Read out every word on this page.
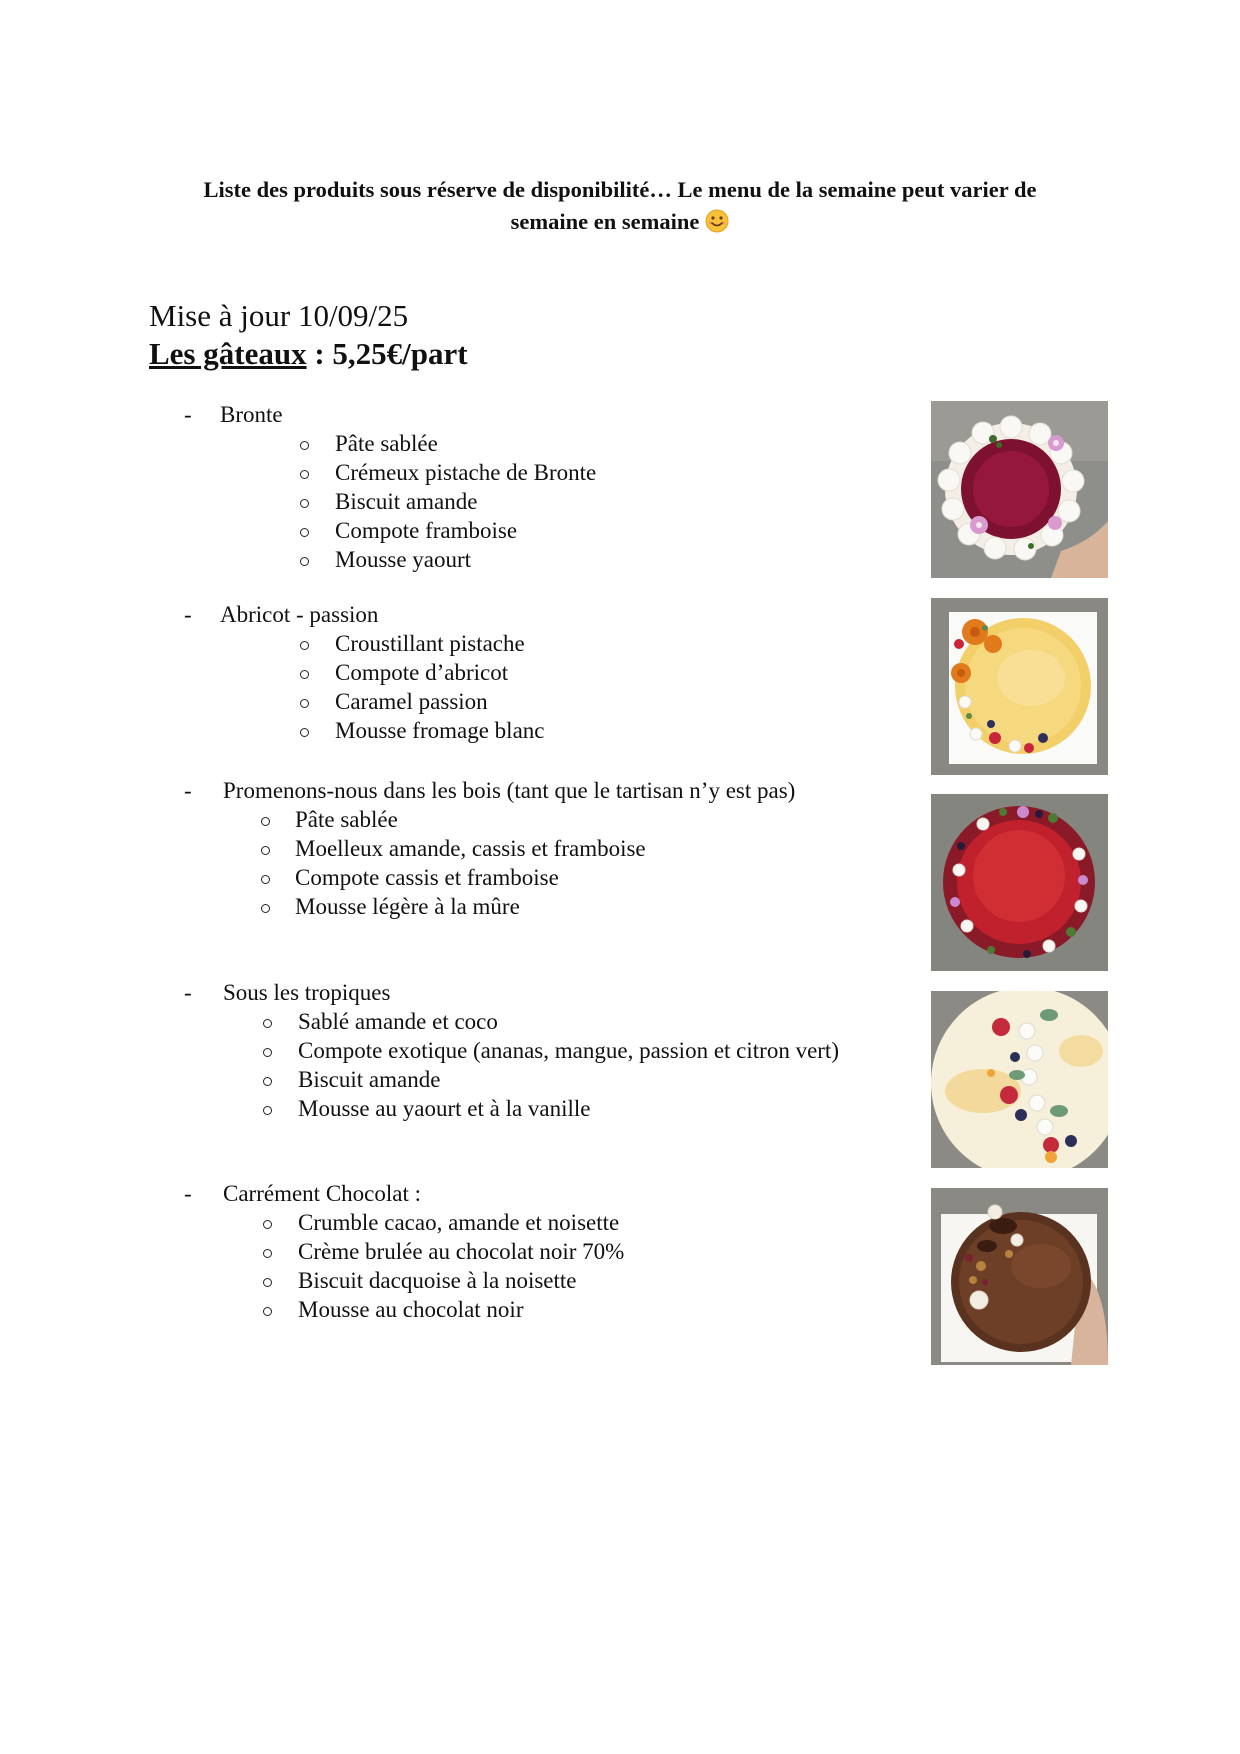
Liste des produits sous réserve de disponibilité… Le menu de la semaine peut varier de
semaine en semaine
Mise à jour 10/09/25
Les gâteaux : 5,25€/part
- Bronte
Pâte sablée
Crémeux pistache de Bronte
Biscuit amande
Compote framboise
Mousse yaourt
- Abricot - passion
Croustillant pistache
Compote d’abricot
Caramel passion
Mousse fromage blanc
- Promenons-nous dans les bois (tant que le tartisan n’y est pas)
Pâte sablée
Moelleux amande, cassis et framboise
Compote cassis et framboise
Mousse légère à la mûre
- Sous les tropiques
Sablé amande et coco
Compote exotique (ananas, mangue, passion et citron vert)
Biscuit amande
Mousse au yaourt et à la vanille
- Carrément Chocolat :
Crumble cacao, amande et noisette
Crème brulée au chocolat noir 70%
Biscuit dacquoise à la noisette
Mousse au chocolat noir
